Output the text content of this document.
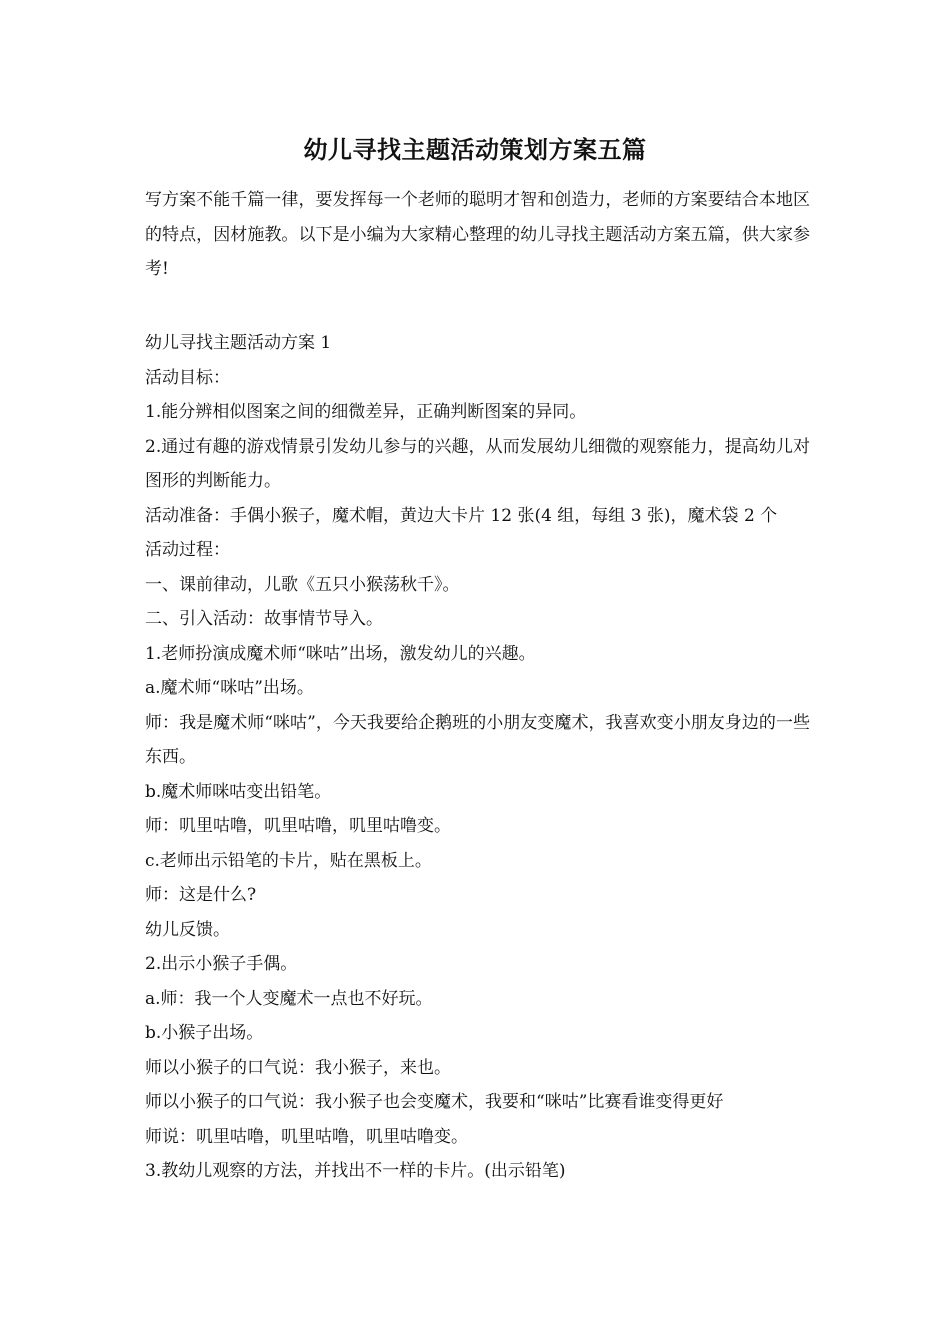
幼儿寻找主题活动策划方案五篇
写方案不能千篇一律，要发挥每一个老师的聪明才智和创造力，老师的方案要结合本地区的特点，因材施教。以下是小编为大家精心整理的幼儿寻找主题活动方案五篇，供大家参考!
幼儿寻找主题活动方案 1
活动目标：
1.能分辨相似图案之间的细微差异，正确判断图案的异同。
2.通过有趣的游戏情景引发幼儿参与的兴趣，从而发展幼儿细微的观察能力，提高幼儿对图形的判断能力。
活动准备：手偶小猴子，魔术帽，黄边大卡片 12 张(4 组，每组 3 张)，魔术袋 2 个
活动过程：
一、课前律动，儿歌《五只小猴荡秋千》。
二、引入活动：故事情节导入。
1.老师扮演成魔术师“咪咕”出场，激发幼儿的兴趣。
a.魔术师“咪咕”出场。
师：我是魔术师“咪咕”，今天我要给企鹅班的小朋友变魔术，我喜欢变小朋友身边的一些东西。
b.魔术师咪咕变出铅笔。
师：叽里咕噜，叽里咕噜，叽里咕噜变。
c.老师出示铅笔的卡片，贴在黑板上。
师：这是什么?
幼儿反馈。
2.出示小猴子手偶。
a.师：我一个人变魔术一点也不好玩。
b.小猴子出场。
师以小猴子的口气说：我小猴子，来也。
师以小猴子的口气说：我小猴子也会变魔术，我要和“咪咕”比赛看谁变得更好
师说：叽里咕噜，叽里咕噜，叽里咕噜变。
3.教幼儿观察的方法，并找出不一样的卡片。(出示铅笔)
